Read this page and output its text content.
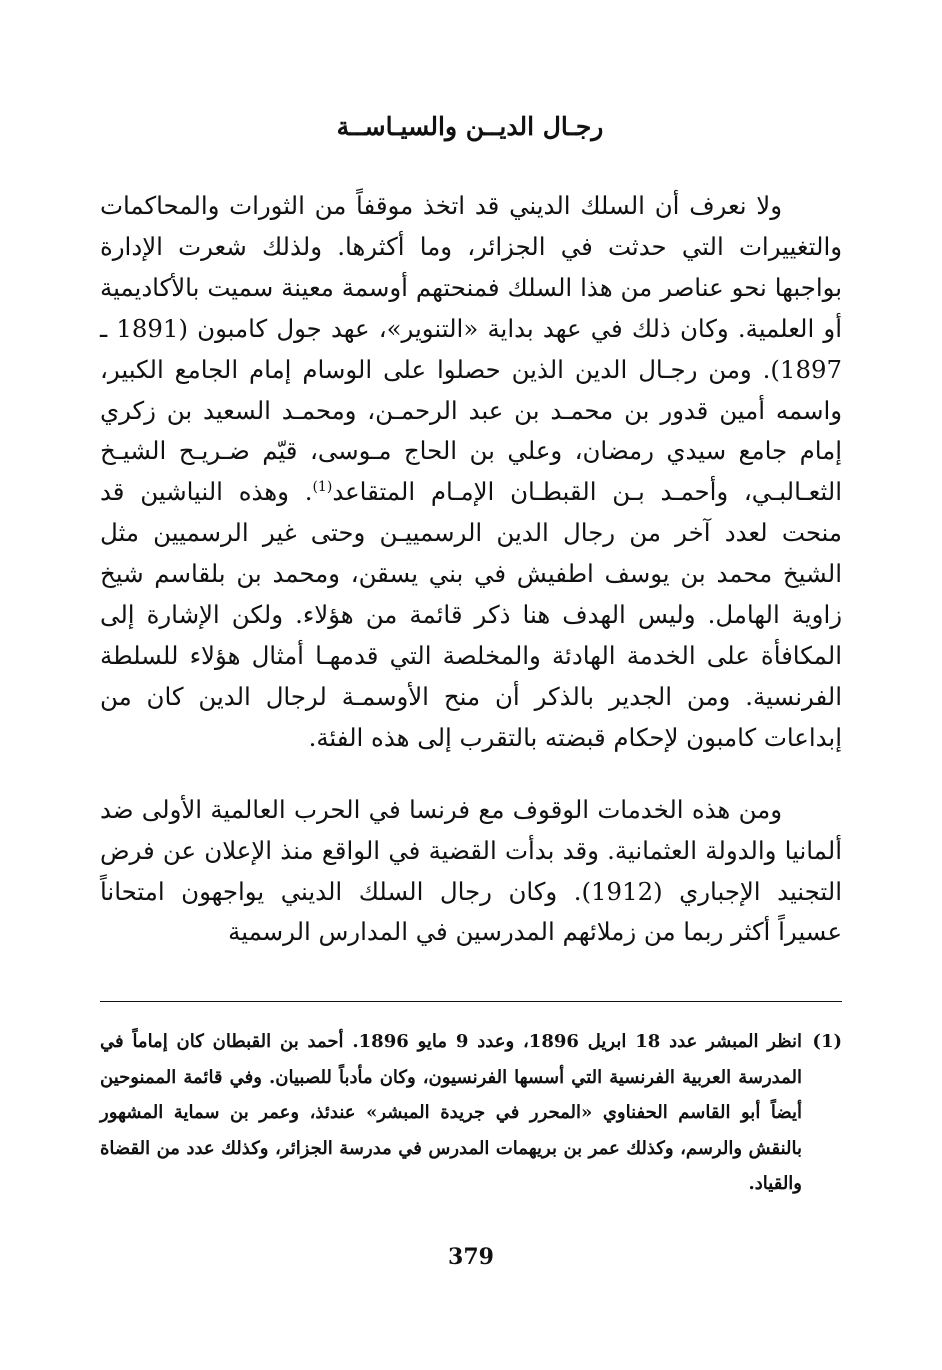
رجـال الديــن والسيـاســة

ولا نعرف أن السلك الديني قد اتخذ موقفاً من الثورات والمحاكمات والتغييرات التي حدثت في الجزائر، وما أكثرها. ولذلك شعرت الإدارة بواجبها نحو عناصر من هذا السلك فمنحتهم أوسمة معينة سميت بالأكاديمية أو العلمية. وكان ذلك في عهد بداية «التنوير»، عهد جول كامبون (1891 ـ 1897). ومن رجـال الدين الذين حصلوا على الوسام إمام الجامع الكبير، واسمه أمين قدور بن محمـد بن عبد الرحمـن، ومحمـد السعيد بن زكري إمام جامع سيدي رمضان، وعلي بن الحاج مـوسى، قيّم ضـريـح الشيـخ الثعـالبـي، وأحمـد بـن القبطـان الإمـام المتقاعد$^{(1)}$. وهذه النياشين قد منحت لعدد آخر من رجال الدين الرسمييـن وحتى غير الرسميين مثل الشيخ محمد بن يوسف اطفيش في بني يسقن، ومحمد بن بلقاسم شيخ زاوية الهامل. وليس الهدف هنا ذكر قائمة من هؤلاء. ولكن الإشارة إلى المكافأة على الخدمة الهادئة والمخلصة التي قدمهـا أمثال هؤلاء للسلطة الفرنسية. ومن الجدير بالذكر أن منح الأوسمـة لرجال الدين كان من إبداعات كامبون لإحكام قبضته بالتقرب إلى هذه الفئة.

ومن هذه الخدمات الوقوف مع فرنسا في الحرب العالمية الأولى ضد ألمانيا والدولة العثمانية. وقد بدأت القضية في الواقع منذ الإعلان عن فرض التجنيد الإجباري (1912). وكان رجال السلك الديني يواجهون امتحاناً عسيراً أكثر ربما من زملائهم المدرسين في المدارس الرسمية

(1)

انظر المبشر عدد 18 ابريل 1896، وعدد 9 مايو 1896. أحمد بن القبطان كان إماماً في المدرسة العربية الفرنسية التي أسسها الفرنسيون، وكان مأدباً للصبيان. وفي قائمة الممنوحين أيضاً أبو القاسم الحفناوي «المحرر في جريدة المبشر» عندئذ، وعمر بن سماية المشهور بالنقش والرسم، وكذلك عمر بن بريهمات المدرس في مدرسة الجزائر، وكذلك عدد من القضاة والقياد.

379
